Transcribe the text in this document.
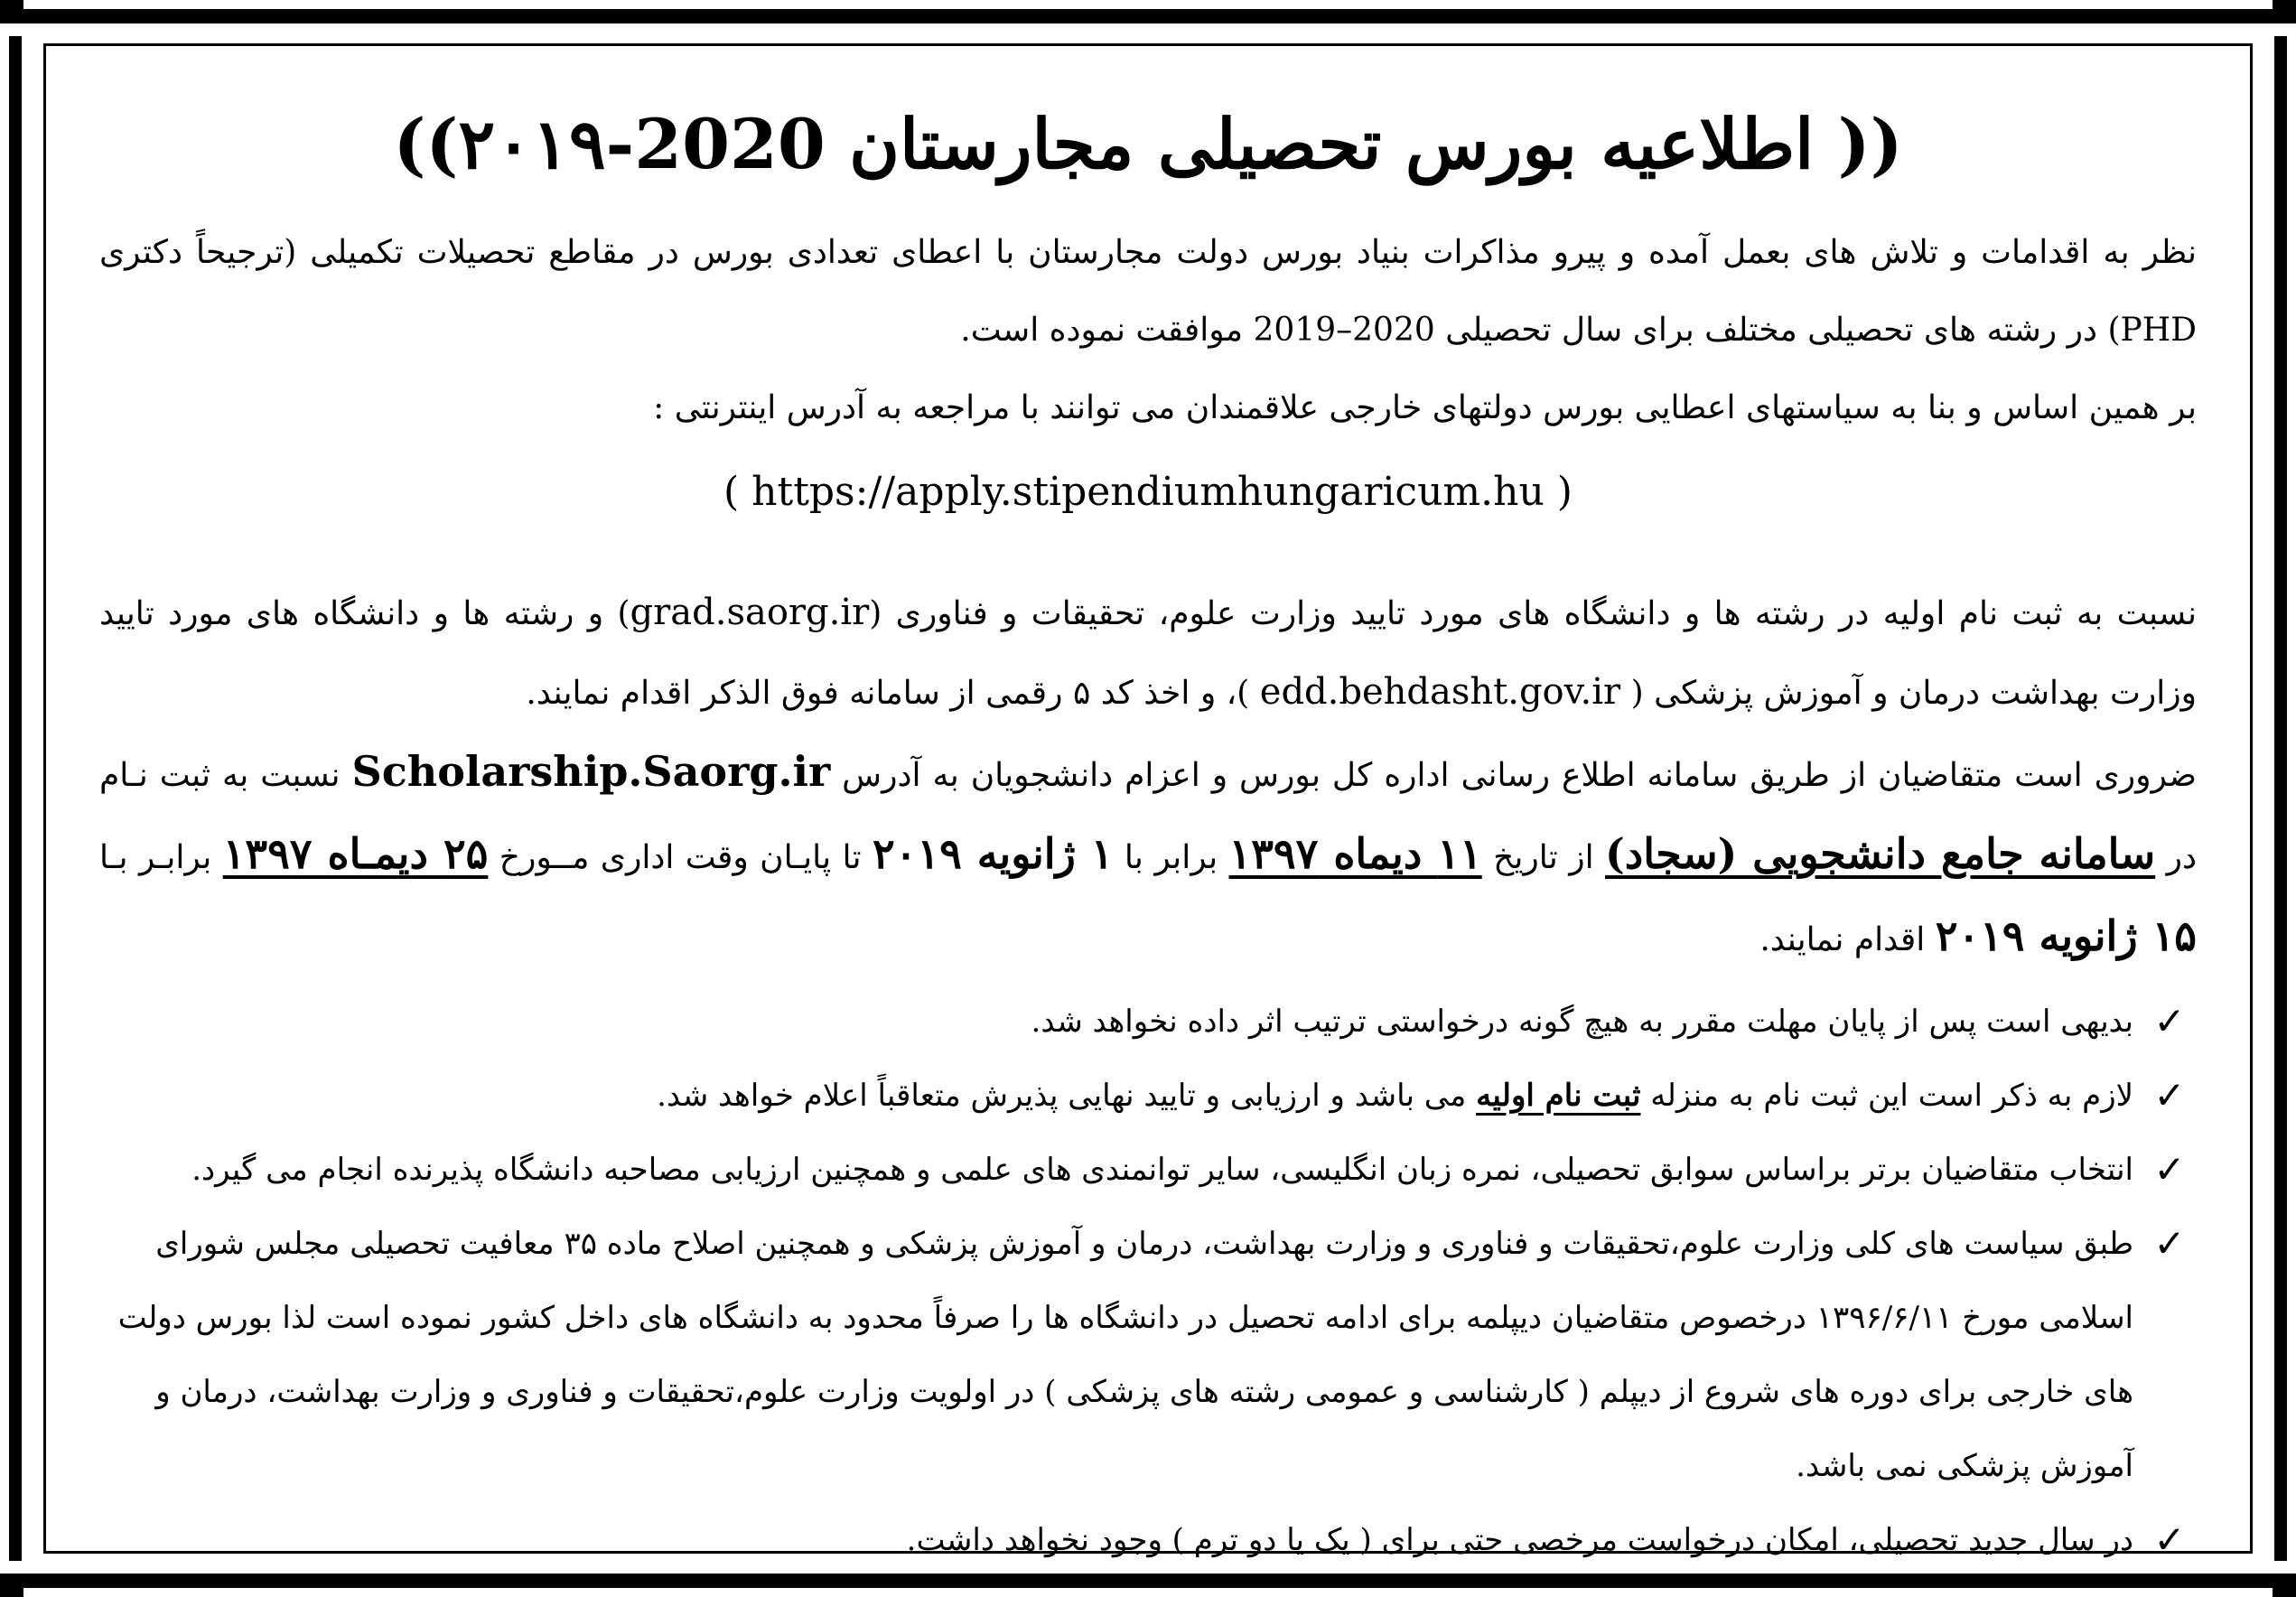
(( اطلاعیه بورس تحصیلی مجارستان 2020-۲۰۱۹))

نظر به اقدامات و تلاش های بعمل آمده و پیرو مذاکرات بنیاد بورس دولت مجارستان با اعطای تعدادی بورس در مقاطع تحصیلات تکمیلی (ترجیحاً دکتری PHD) در رشته های تحصیلی مختلف برای سال تحصیلی 2020–2019 موافقت نموده است.
بر همین اساس و بنا به سیاستهای اعطایی بورس دولتهای خارجی علاقمندان می توانند با مراجعه به آدرس اینترنتی :

( https://apply.stipendiumhungaricum.hu )

نسبت به ثبت نام اولیه در رشته ها و دانشگاه های مورد تایید وزارت علوم، تحقیقات و فناوری (grad.saorg.ir) و رشته ها و دانشگاه های مورد تایید وزارت بهداشت درمان و آموزش پزشکی ( edd.behdasht.gov.ir )، و اخذ کد ۵ رقمی از سامانه فوق الذکر اقدام نمایند.

ضروری است متقاضیان از طریق سامانه اطلاع رسانی اداره کل بورس و اعزام دانشجویان به آدرس Scholarship.Saorg.ir نسبت به ثبت نـام در سامانه جامع دانشجویی (سجاد) از تاریخ ۱۱ دیماه ۱۳۹۷ برابر با ۱ ژانویه ۲۰۱۹ تا پایـان وقت اداری مــورخ ۲۵ دیمـاه ۱۳۹۷ برابـر بـا ۱۵ ژانویه ۲۰۱۹ اقدام نمایند.

✓
بدیهی است پس از پایان مهلت مقرر به هیچ گونه درخواستی ترتیب اثر داده نخواهد شد.
✓
لازم به ذکر است این ثبت نام به منزله ثبت نام اولیه می باشد و ارزیابی و تایید نهایی پذیرش متعاقباً اعلام خواهد شد.
✓
انتخاب متقاضیان برتر براساس سوابق تحصیلی، نمره زبان انگلیسی، سایر توانمندی های علمی و همچنین ارزیابی مصاحبه دانشگاه پذیرنده انجام می گیرد.
✓
طبق سیاست های کلی وزارت علوم،تحقیقات و فناوری و وزارت بهداشت، درمان و آموزش پزشکی و همچنین اصلاح ماده ۳۵ معافیت تحصیلی مجلس شورای اسلامی مورخ ۱۳۹۶/۶/۱۱ درخصوص متقاضیان دیپلمه برای ادامه تحصیل در دانشگاه ها را صرفاً محدود به دانشگاه های داخل کشور نموده است لذا بورس دولت های خارجی برای دوره های شروع از دیپلم ( کارشناسی و عمومی رشته های پزشکی ) در اولویت وزارت علوم،تحقیقات و فناوری و وزارت بهداشت، درمان و آموزش پزشکی نمی باشد.
✓
در سال جدید تحصیلی، امکان درخواست مرخصی حتی برای ( یک یا دو ترم ) وجود نخواهد داشت.
